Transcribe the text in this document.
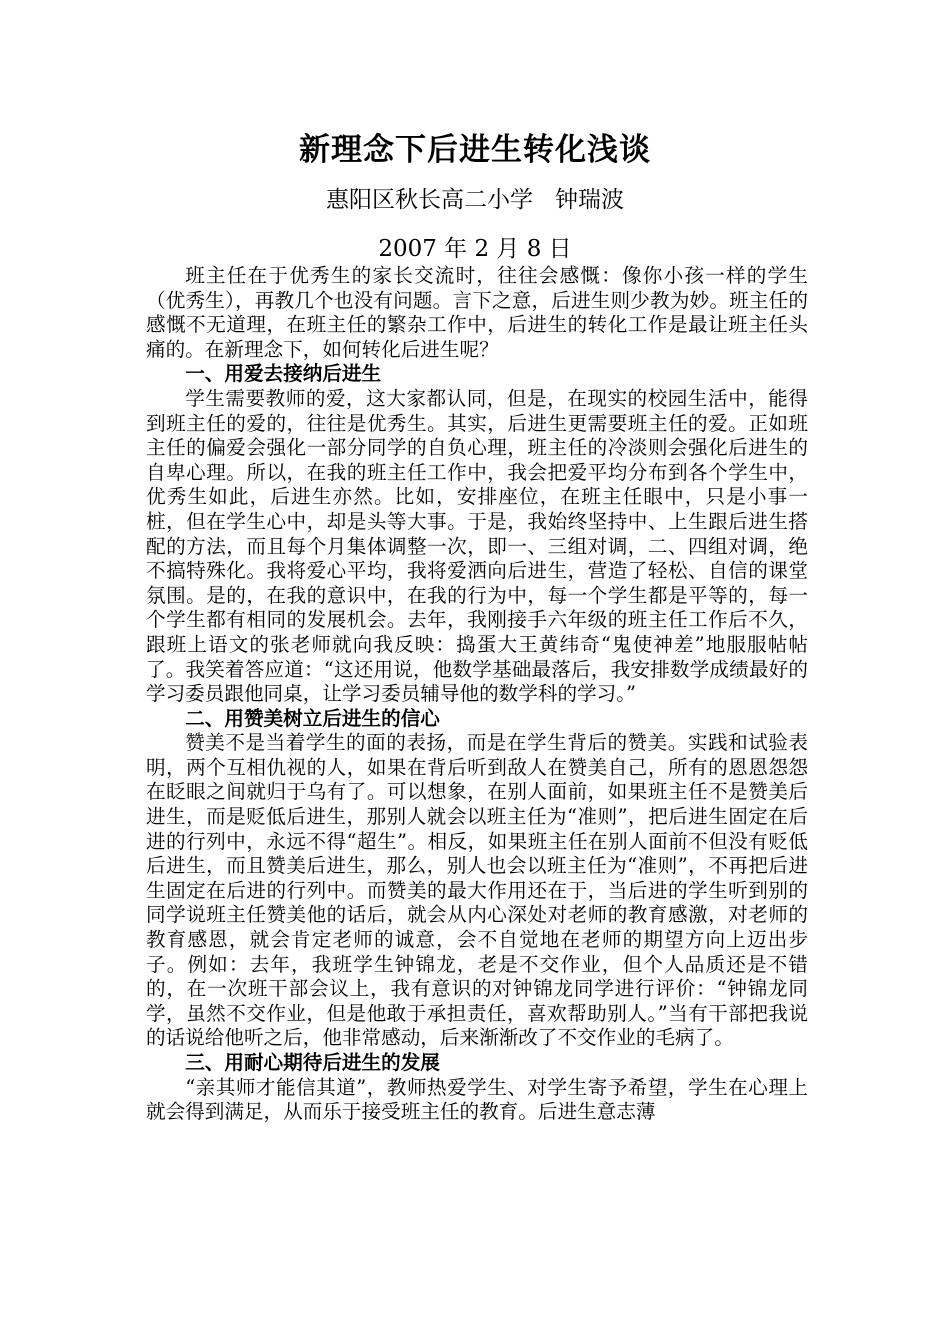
新理念下后进生转化浅谈
惠阳区秋长高二小学   钟瑞波
2007 年 2 月 8 日

班主任在于优秀生的家长交流时，往往会感慨：像你小孩一样的学生（优秀生），再教几个也没有问题。言下之意，后进生则少教为妙。班主任的感慨不无道理，在班主任的繁杂工作中，后进生的转化工作是最让班主任头痛的。在新理念下，如何转化后进生呢？

一、用爱去接纳后进生

学生需要教师的爱，这大家都认同，但是，在现实的校园生活中，能得到班主任的爱的，往往是优秀生。其实，后进生更需要班主任的爱。正如班主任的偏爱会强化一部分同学的自负心理，班主任的冷淡则会强化后进生的自卑心理。所以，在我的班主任工作中，我会把爱平均分布到各个学生中，优秀生如此，后进生亦然。比如，安排座位，在班主任眼中，只是小事一桩，但在学生心中，却是头等大事。于是，我始终坚持中、上生跟后进生搭配的方法，而且每个月集体调整一次，即一、三组对调，二、四组对调，绝不搞特殊化。我将爱心平均，我将爱洒向后进生，营造了轻松、自信的课堂氛围。是的，在我的意识中，在我的行为中，每一个学生都是平等的，每一个学生都有相同的发展机会。去年，我刚接手六年级的班主任工作后不久，跟班上语文的张老师就向我反映：捣蛋大王黄纬奇“鬼使神差”地服服帖帖了。我笑着答应道：“这还用说，他数学基础最落后，我安排数学成绩最好的学习委员跟他同桌，让学习委员辅导他的数学科的学习。”

二、用赞美树立后进生的信心

赞美不是当着学生的面的表扬，而是在学生背后的赞美。实践和试验表明，两个互相仇视的人，如果在背后听到敌人在赞美自己，所有的恩恩怨怨在眨眼之间就归于乌有了。可以想象，在别人面前，如果班主任不是赞美后进生，而是贬低后进生，那别人就会以班主任为“准则”，把后进生固定在后进的行列中，永远不得“超生”。相反，如果班主任在别人面前不但没有贬低后进生，而且赞美后进生，那么，别人也会以班主任为“准则”，不再把后进生固定在后进的行列中。而赞美的最大作用还在于，当后进的学生听到别的同学说班主任赞美他的话后，就会从内心深处对老师的教育感激，对老师的教育感恩，就会肯定老师的诚意，会不自觉地在老师的期望方向上迈出步子。例如：去年，我班学生钟锦龙，老是不交作业，但个人品质还是不错的，在一次班干部会议上，我有意识的对钟锦龙同学进行评价：“钟锦龙同学，虽然不交作业，但是他敢于承担责任，喜欢帮助别人。”当有干部把我说的话说给他听之后，他非常感动，后来渐渐改了不交作业的毛病了。

三、用耐心期待后进生的发展

“亲其师才能信其道”，教师热爱学生、对学生寄予希望，学生在心理上就会得到满足，从而乐于接受班主任的教育。后进生意志薄
